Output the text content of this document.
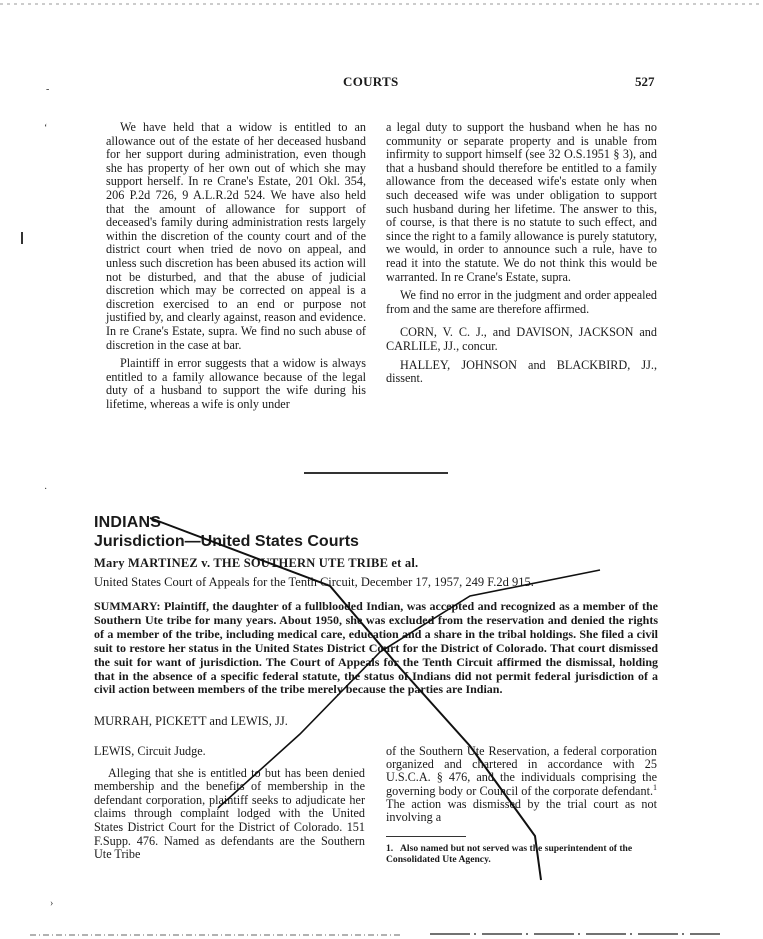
COURTS	527

We have held that a widow is entitled to an allowance out of the estate of her deceased husband for her support during administration, even though she has property of her own out of which she may support herself. In re Crane's Estate, 201 Okl. 354, 206 P.2d 726, 9 A.L.R.2d 524. We have also held that the amount of allowance for support of deceased's family during administration rests largely within the discretion of the county court and of the district court when tried de novo on appeal, and unless such discretion has been abused its action will not be disturbed, and that the abuse of judicial discretion which may be corrected on appeal is a discretion exercised to an end or purpose not justified by, and clearly against, reason and evidence. In re Crane's Estate, supra. We find no such abuse of discretion in the case at bar.

Plaintiff in error suggests that a widow is always entitled to a family allowance because of the legal duty of a husband to support the wife during his lifetime, whereas a wife is only under

a legal duty to support the husband when he has no community or separate property and is unable from infirmity to support himself (see 32 O.S.1951 § 3), and that a husband should therefore be entitled to a family allowance from the deceased wife's estate only when such deceased wife was under obligation to support such husband during her lifetime. The answer to this, of course, is that there is no statute to such effect, and since the right to a family allowance is purely statutory, we would, in order to announce such a rule, have to read it into the statute. We do not think this would be warranted. In re Crane's Estate, supra.

We find no error in the judgment and order appealed from and the same are therefore affirmed.

CORN, V. C. J., and DAVISON, JACKSON and CARLILE, JJ., concur.

HALLEY, JOHNSON and BLACKBIRD, JJ., dissent.

INDIANS
Jurisdiction—United States Courts
Mary MARTINEZ v. THE SOUTHERN UTE TRIBE et al.
United States Court of Appeals for the Tenth Circuit, December 17, 1957, 249 F.2d 915.
SUMMARY: Plaintiff, the daughter of a fullblooded Indian, was accepted and recognized as a member of the Southern Ute tribe for many years. About 1950, she was excluded from the reservation and denied the rights of a member of the tribe, including medical care, education and a share in the tribal holdings. She filed a civil suit to restore her status in the United States District Court for the District of Colorado. That court dismissed the suit for want of jurisdiction. The Court of Appeals for the Tenth Circuit affirmed the dismissal, holding that in the absence of a specific federal statute, the status of Indians did not permit federal jurisdiction of a civil action between members of the tribe merely because the parties are Indian.
MURRAH, PICKETT and LEWIS, JJ.

LEWIS, Circuit Judge.

Alleging that she is entitled to but has been denied membership and the benefits of membership in the defendant corporation, plaintiff seeks to adjudicate her claims through complaint lodged with the United States District Court for the District of Colorado. 151 F.Supp. 476. Named as defendants are the Southern Ute Tribe

of the Southern Ute Reservation, a federal corporation organized and chartered in accordance with 25 U.S.C.A. § 476, and the individuals comprising the governing body or Council of the corporate defendant.$^1$ The action was dismissed by the trial court as not involving a

1. Also named but not served was the superintendent of the Consolidated Ute Agency.
-
‘
·
›
